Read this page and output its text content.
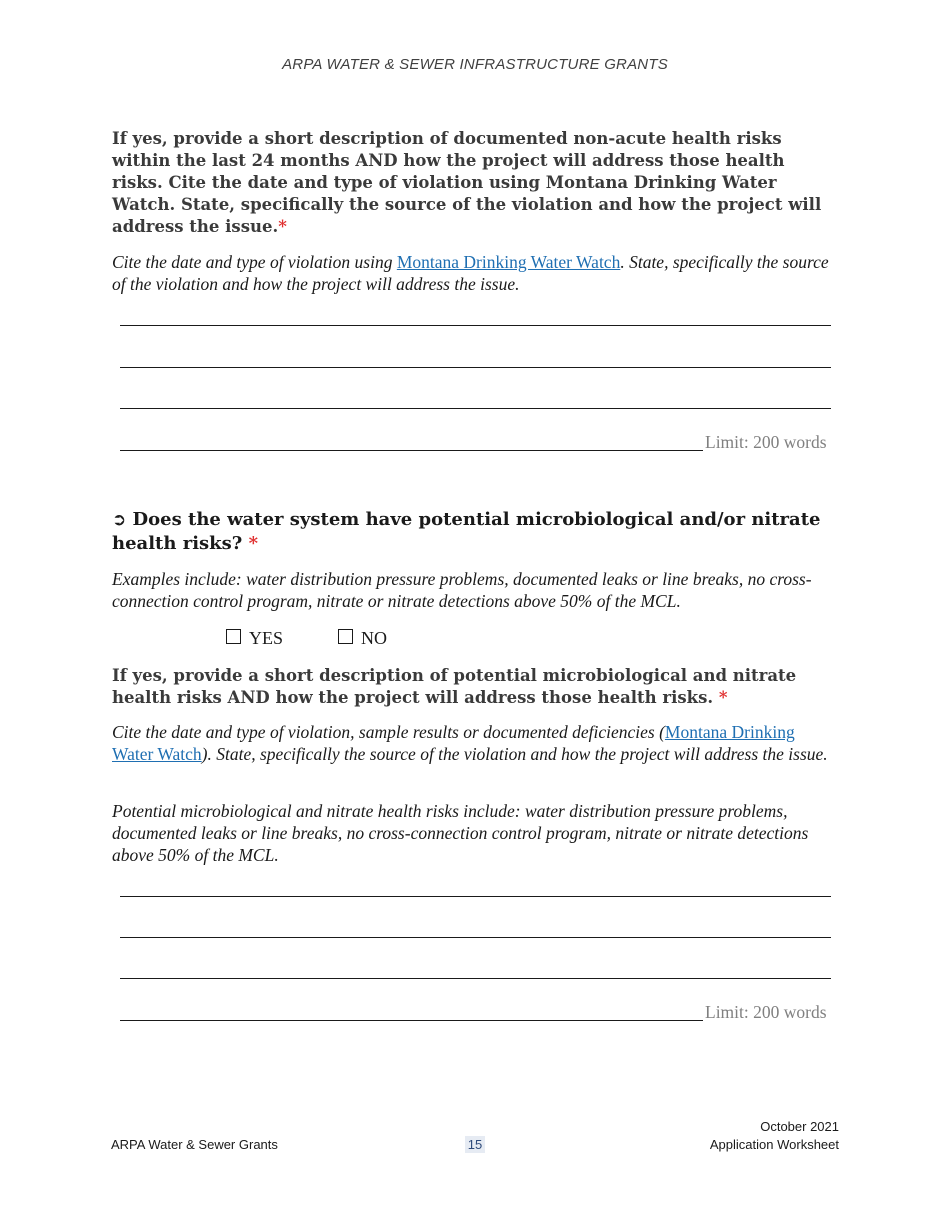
ARPA WATER & SEWER INFRASTRUCTURE GRANTS
If yes, provide a short description of documented non-acute health risks within the last 24 months AND how the project will address those health risks. Cite the date and type of violation using Montana Drinking Water Watch. State, specifically the source of the violation and how the project will address the issue.*
Cite the date and type of violation using Montana Drinking Water Watch. State, specifically the source of the violation and how the project will address the issue.
Limit: 200 words
➲ Does the water system have potential microbiological and/or nitrate health risks? *
Examples include: water distribution pressure problems, documented leaks or line breaks, no cross-connection control program, nitrate or nitrate detections above 50% of the MCL.
YES	NO
If yes, provide a short description of potential microbiological and nitrate health risks AND how the project will address those health risks. *
Cite the date and type of violation, sample results or documented deficiencies (Montana Drinking Water Watch). State, specifically the source of the violation and how the project will address the issue.
Potential microbiological and nitrate health risks include: water distribution pressure problems, documented leaks or line breaks, no cross-connection control program, nitrate or nitrate detections above 50% of the MCL.
Limit: 200 words
ARPA Water & Sewer Grants	15
October 2021
Application Worksheet
